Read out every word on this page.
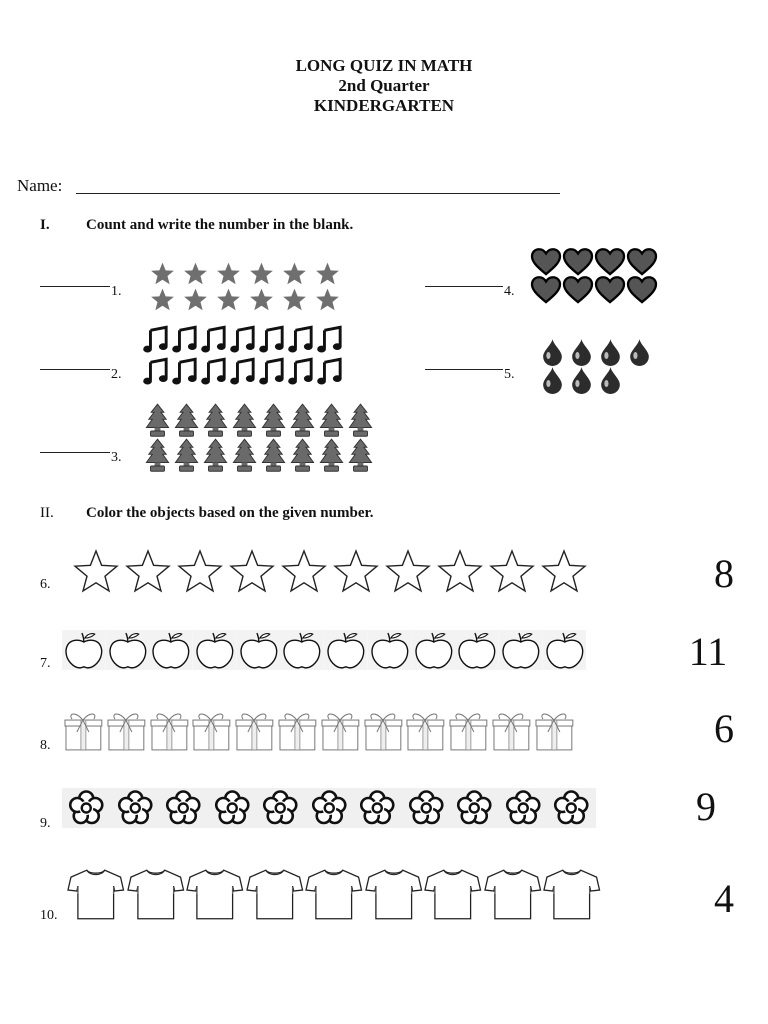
LONG QUIZ IN MATH
2nd Quarter
KINDERGARTEN
Name:
I. Count and write the number in the blank.
1.
2.
3.
4.
5.
II. Color the objects based on the given number.
6.	8
7.	11
8.	6
9.	9
10.	4
